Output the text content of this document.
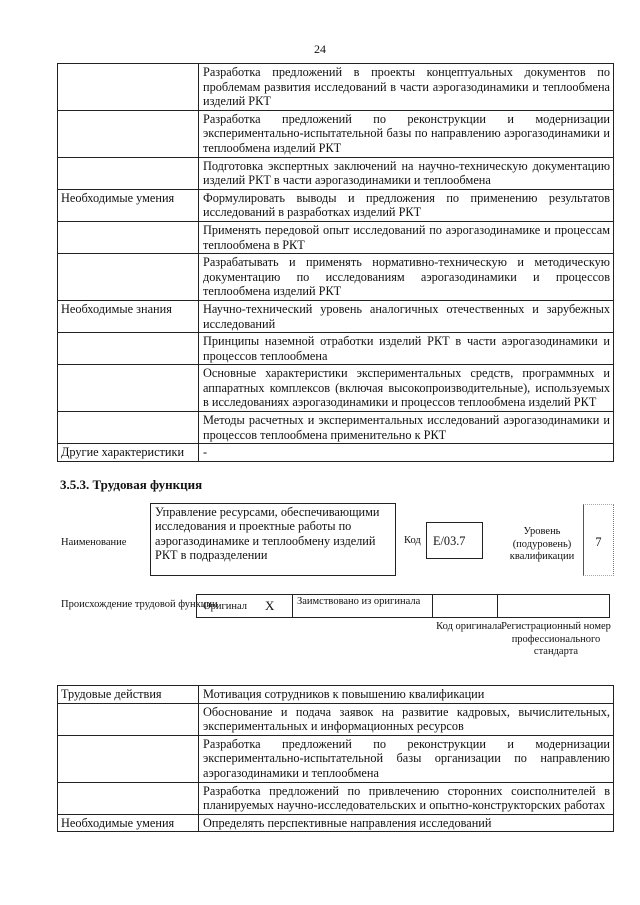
24
	Разработка предложений в проекты концептуальных документов по проблемам развития исследований в части аэрогазодинамики и теплообмена изделий РКТ
	Разработка предложений по реконструкции и модернизации экспериментально-испытательной базы по направлению аэрогазодинамики и теплообмена изделий РКТ
	Подготовка экспертных заключений на научно-техническую документацию изделий РКТ в части аэрогазодинамики и теплообмена
Необходимые умения	Формулировать выводы и предложения по применению результатов исследований в разработках изделий РКТ
	Применять передовой опыт исследований по аэрогазодинамике и процессам теплообмена в РКТ
	Разрабатывать и применять нормативно-техническую и методическую документацию по исследованиям аэрогазодинамики и процессов теплообмена изделий РКТ
Необходимые знания	Научно-технический уровень аналогичных отечественных и зарубежных исследований
	Принципы наземной отработки изделий РКТ в части аэрогазодинамики и процессов теплообмена
	Основные характеристики экспериментальных средств, программных и аппаратных комплексов (включая высокопроизводительные), используемых в исследованиях аэрогазодинамики и процессов теплообмена изделий РКТ
	Методы расчетных и экспериментальных исследований аэрогазодинамики и процессов теплообмена применительно к РКТ
Другие характеристики	-
3.5.3. Трудовая функция
Наименование
Управление ресурсами, обеспечивающими исследования и проектные работы по аэрогазодинамике и теплообмену изделий РКТ в подразделении
Код E/03.7
Уровень (подуровень) квалификации
7
Происхождение трудовой функции
Оригинал X	Заимствовано из оригинала
Код оригинала Регистрационный номер профессионального стандарта
Трудовые действия	Мотивация сотрудников к повышению квалификации
	Обоснование и подача заявок на развитие кадровых, вычислительных, экспериментальных и информационных ресурсов
	Разработка предложений по реконструкции и модернизации экспериментально-испытательной базы организации по направлению аэрогазодинамики и теплообмена
	Разработка предложений по привлечению сторонних соисполнителей в планируемых научно-исследовательских и опытно-конструкторских работах
Необходимые умения	Определять перспективные направления исследований
